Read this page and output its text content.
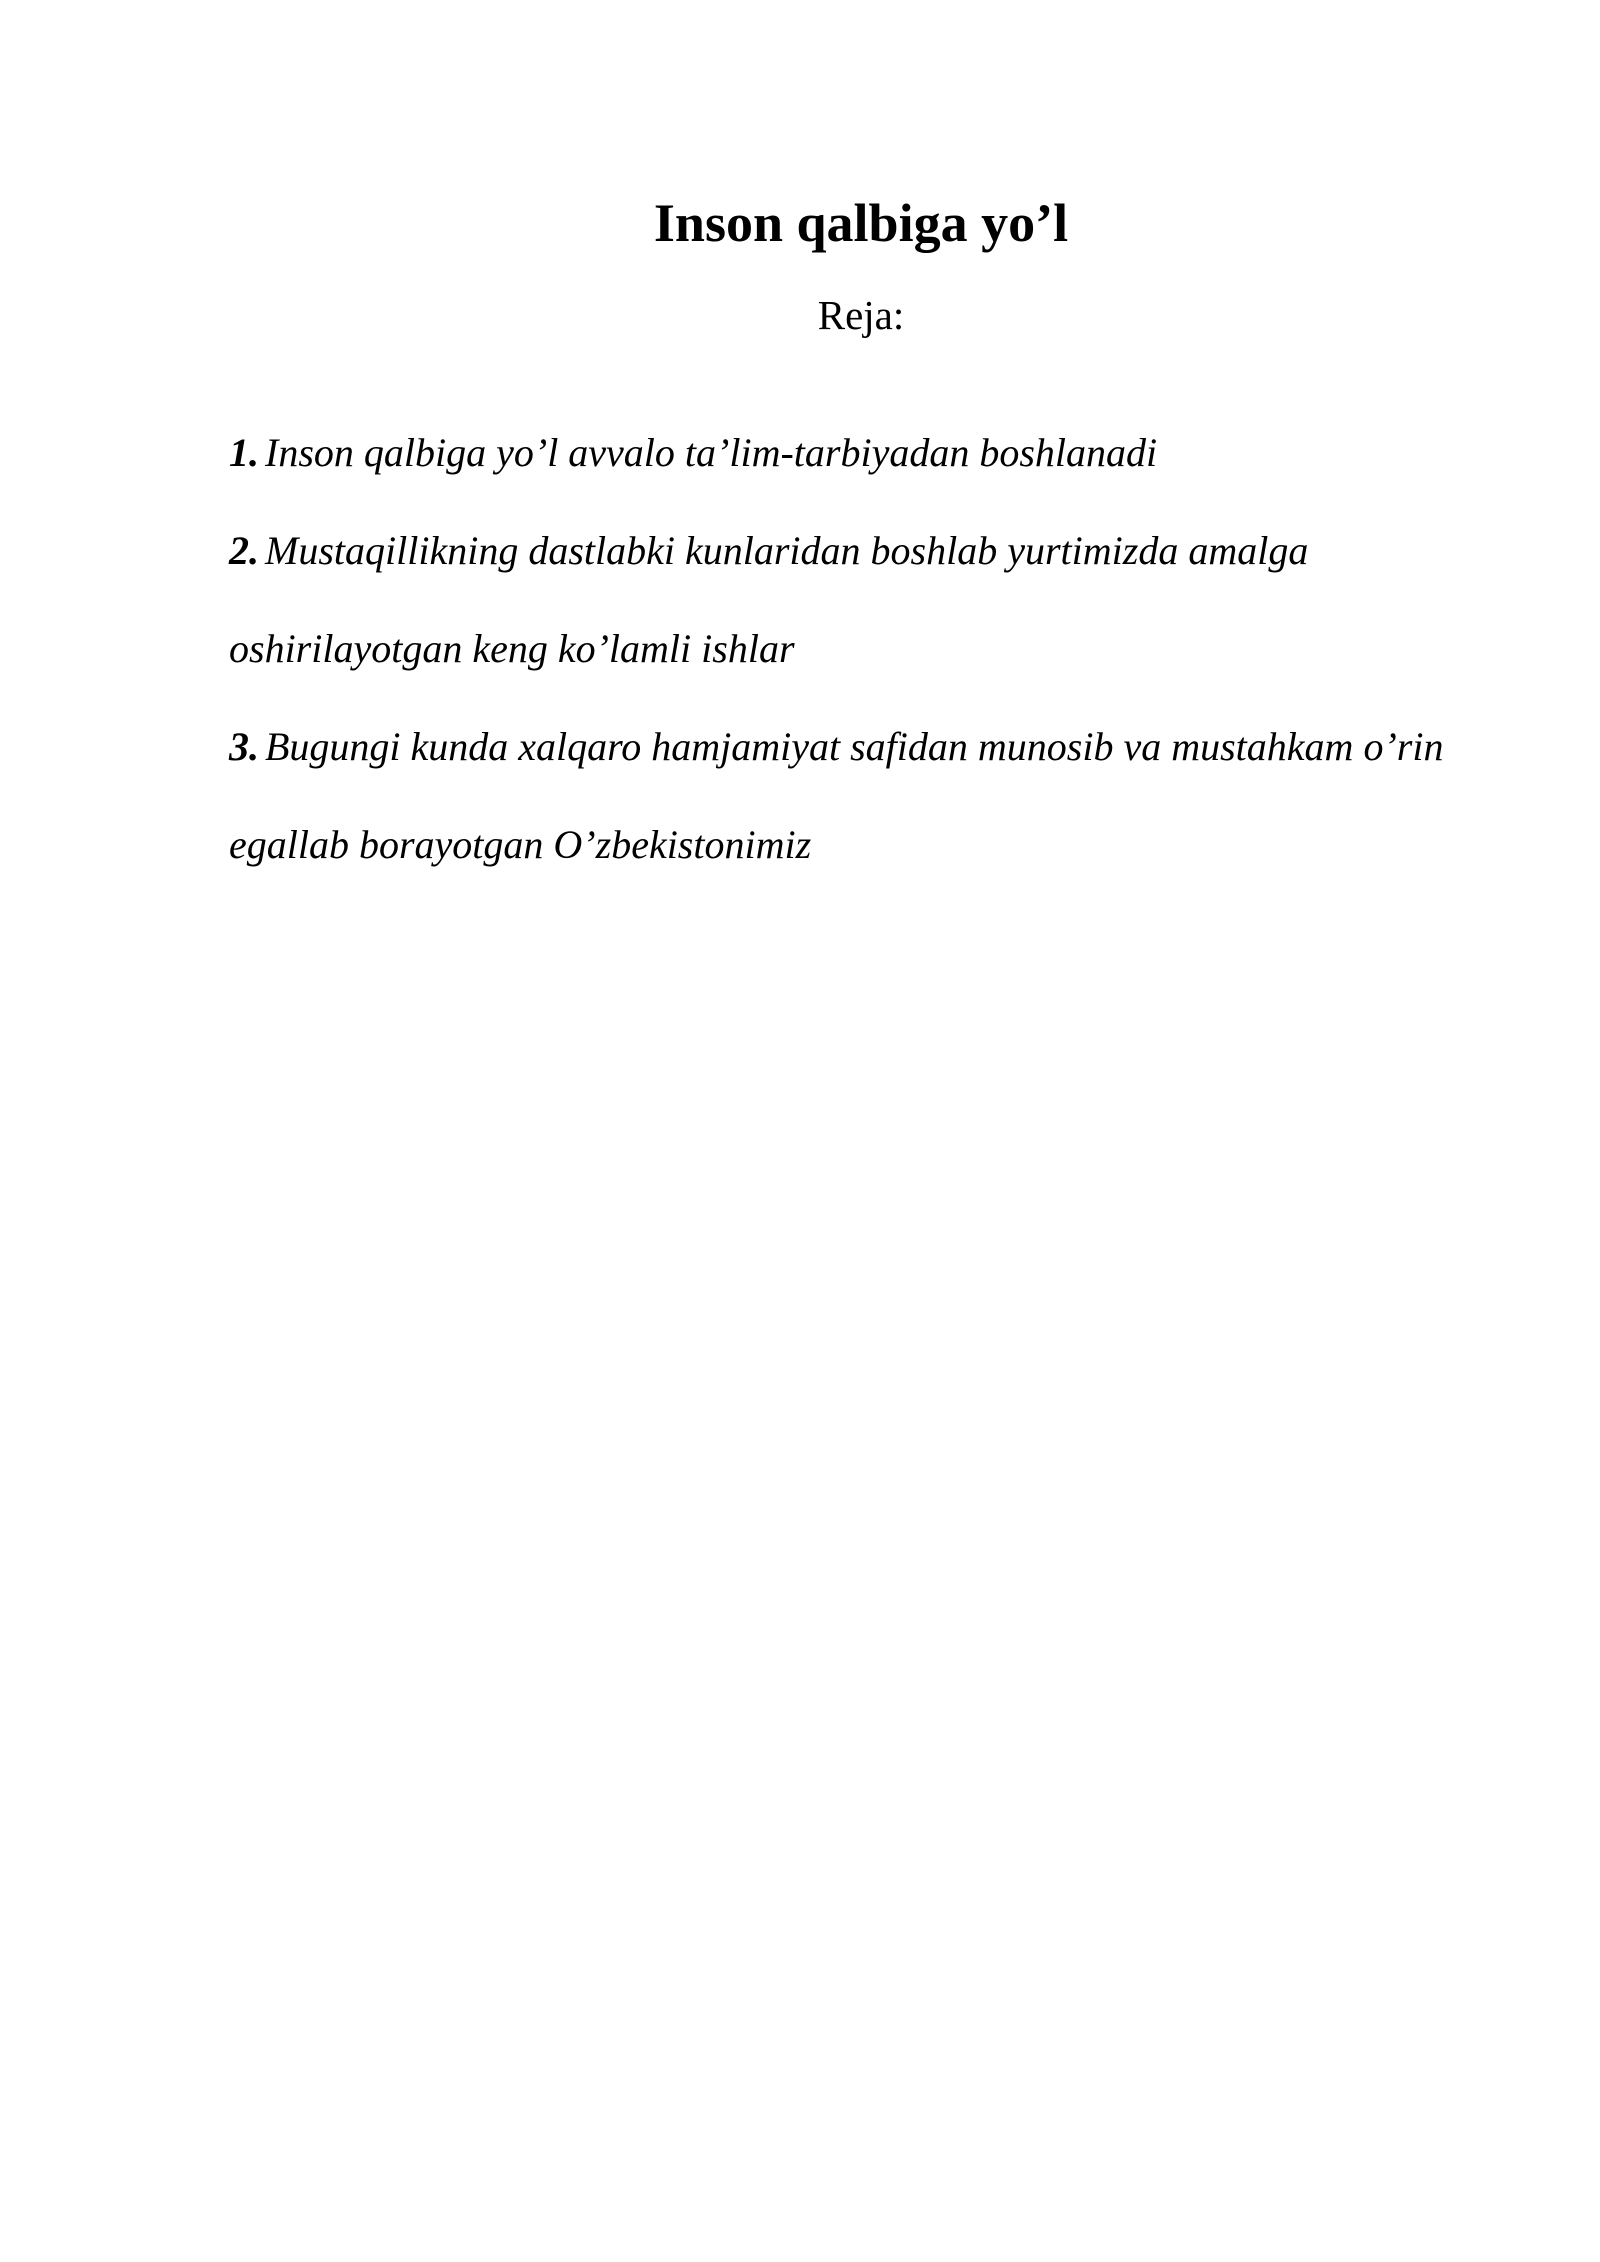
Inson qalbiga yo’l
Reja:
1. Inson qalbiga yo’l avvalo ta’lim-tarbiyadan boshlanadi
2. Mustaqillikning dastlabki kunlaridan boshlab yurtimizda amalga oshirilayotgan keng ko’lamli ishlar
3. Bugungi kunda xalqaro hamjamiyat safidan munosib va mustahkam o’rin egallab borayotgan O’zbekistonimiz
